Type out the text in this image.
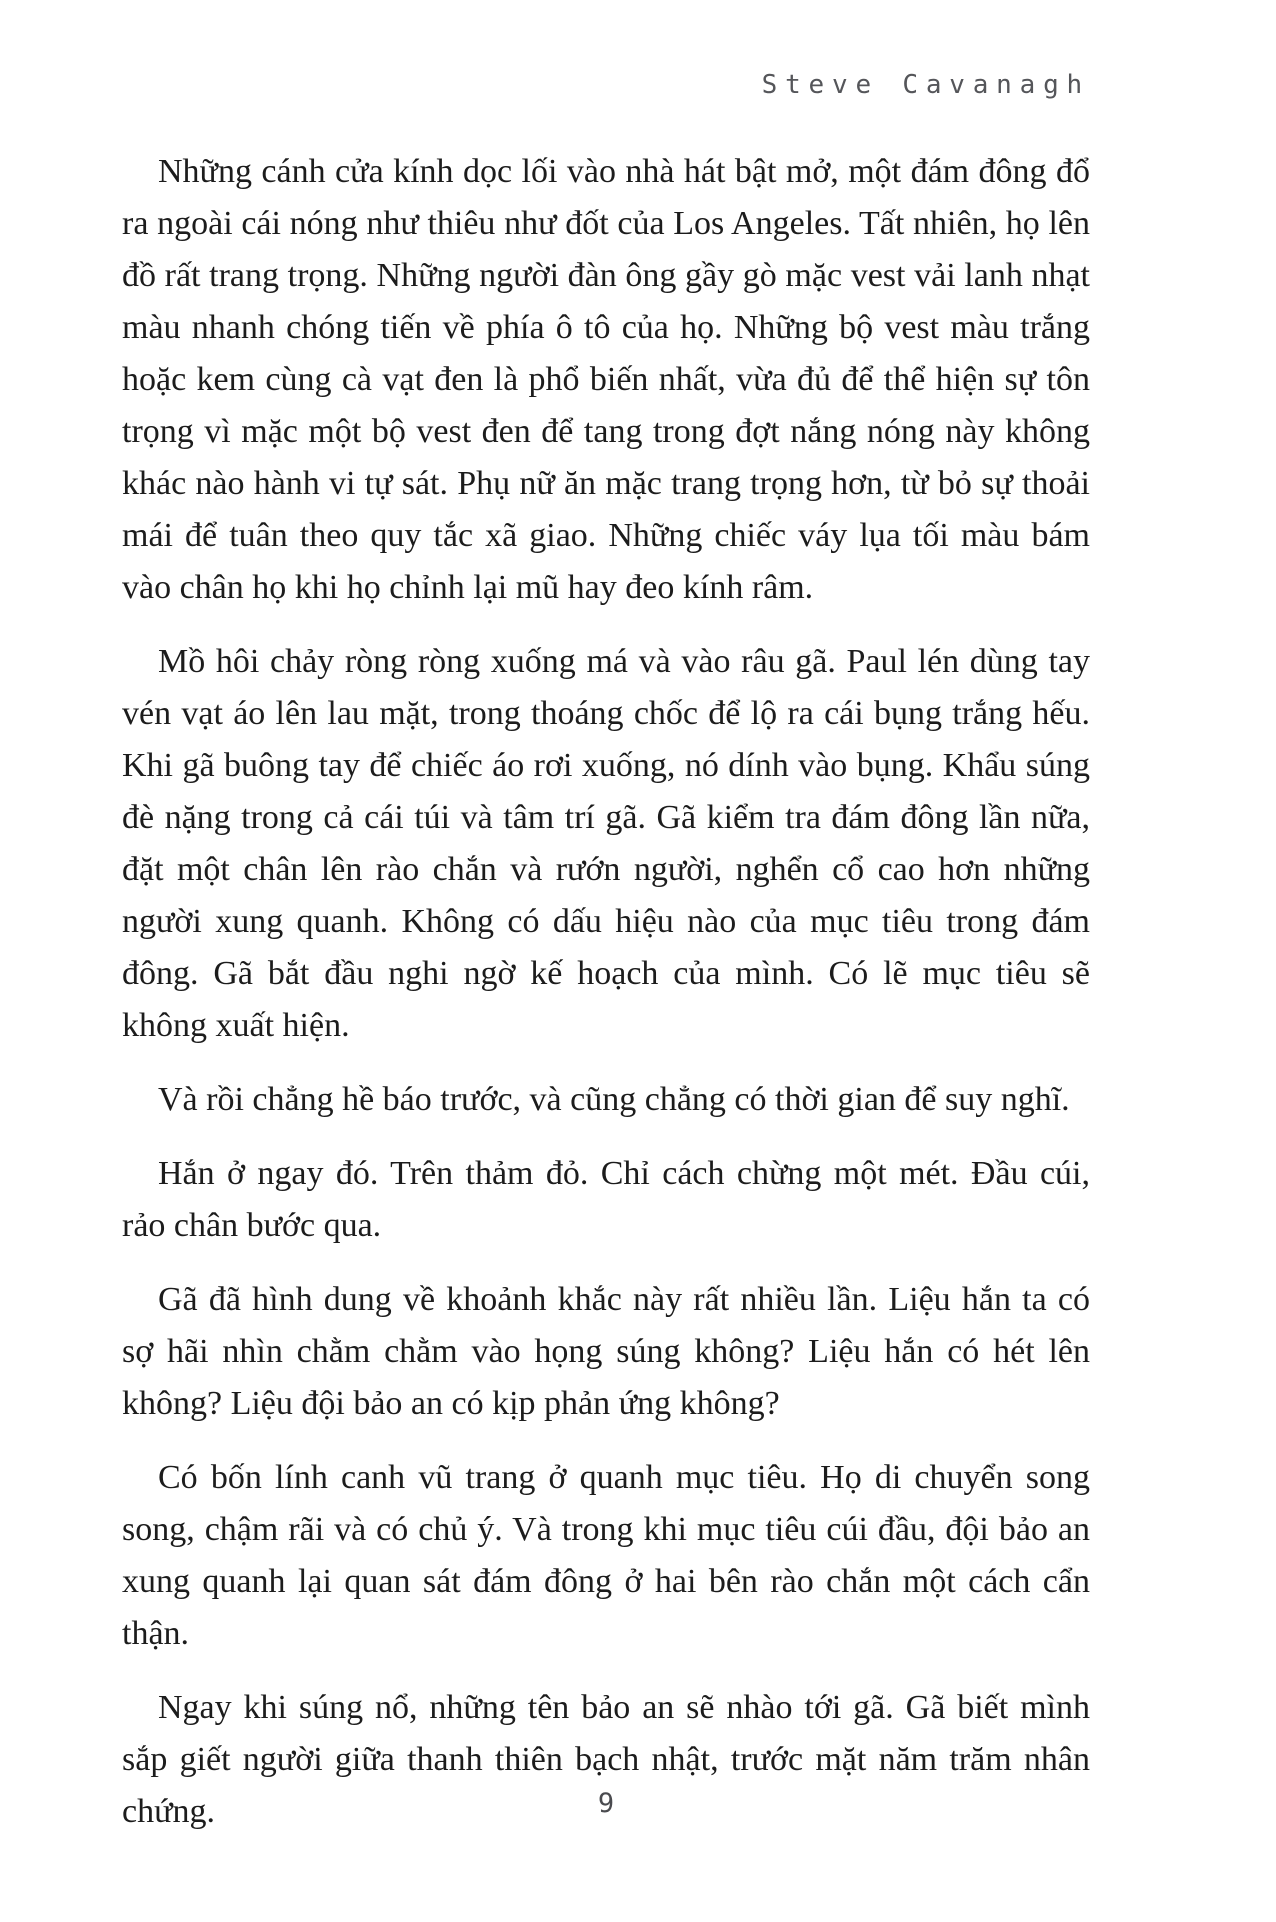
Steve Cavanagh

Những cánh cửa kính dọc lối vào nhà hát bật mở, một đám đông đổ ra ngoài cái nóng như thiêu như đốt của Los Angeles. Tất nhiên, họ lên đồ rất trang trọng. Những người đàn ông gầy gò mặc vest vải lanh nhạt màu nhanh chóng tiến về phía ô tô của họ. Những bộ vest màu trắng hoặc kem cùng cà vạt đen là phổ biến nhất, vừa đủ để thể hiện sự tôn trọng vì mặc một bộ vest đen để tang trong đợt nắng nóng này không khác nào hành vi tự sát. Phụ nữ ăn mặc trang trọng hơn, từ bỏ sự thoải mái để tuân theo quy tắc xã giao. Những chiếc váy lụa tối màu bám vào chân họ khi họ chỉnh lại mũ hay đeo kính râm.

Mồ hôi chảy ròng ròng xuống má và vào râu gã. Paul lén dùng tay vén vạt áo lên lau mặt, trong thoáng chốc để lộ ra cái bụng trắng hếu. Khi gã buông tay để chiếc áo rơi xuống, nó dính vào bụng. Khẩu súng đè nặng trong cả cái túi và tâm trí gã. Gã kiểm tra đám đông lần nữa, đặt một chân lên rào chắn và rướn người, nghển cổ cao hơn những người xung quanh. Không có dấu hiệu nào của mục tiêu trong đám đông. Gã bắt đầu nghi ngờ kế hoạch của mình. Có lẽ mục tiêu sẽ không xuất hiện.

Và rồi chẳng hề báo trước, và cũng chẳng có thời gian để suy nghĩ.

Hắn ở ngay đó. Trên thảm đỏ. Chỉ cách chừng một mét. Đầu cúi, rảo chân bước qua.

Gã đã hình dung về khoảnh khắc này rất nhiều lần. Liệu hắn ta có sợ hãi nhìn chằm chằm vào họng súng không? Liệu hắn có hét lên không? Liệu đội bảo an có kịp phản ứng không?

Có bốn lính canh vũ trang ở quanh mục tiêu. Họ di chuyển song song, chậm rãi và có chủ ý. Và trong khi mục tiêu cúi đầu, đội bảo an xung quanh lại quan sát đám đông ở hai bên rào chắn một cách cẩn thận.

Ngay khi súng nổ, những tên bảo an sẽ nhào tới gã. Gã biết mình sắp giết người giữa thanh thiên bạch nhật, trước mặt năm trăm nhân chứng.	9
